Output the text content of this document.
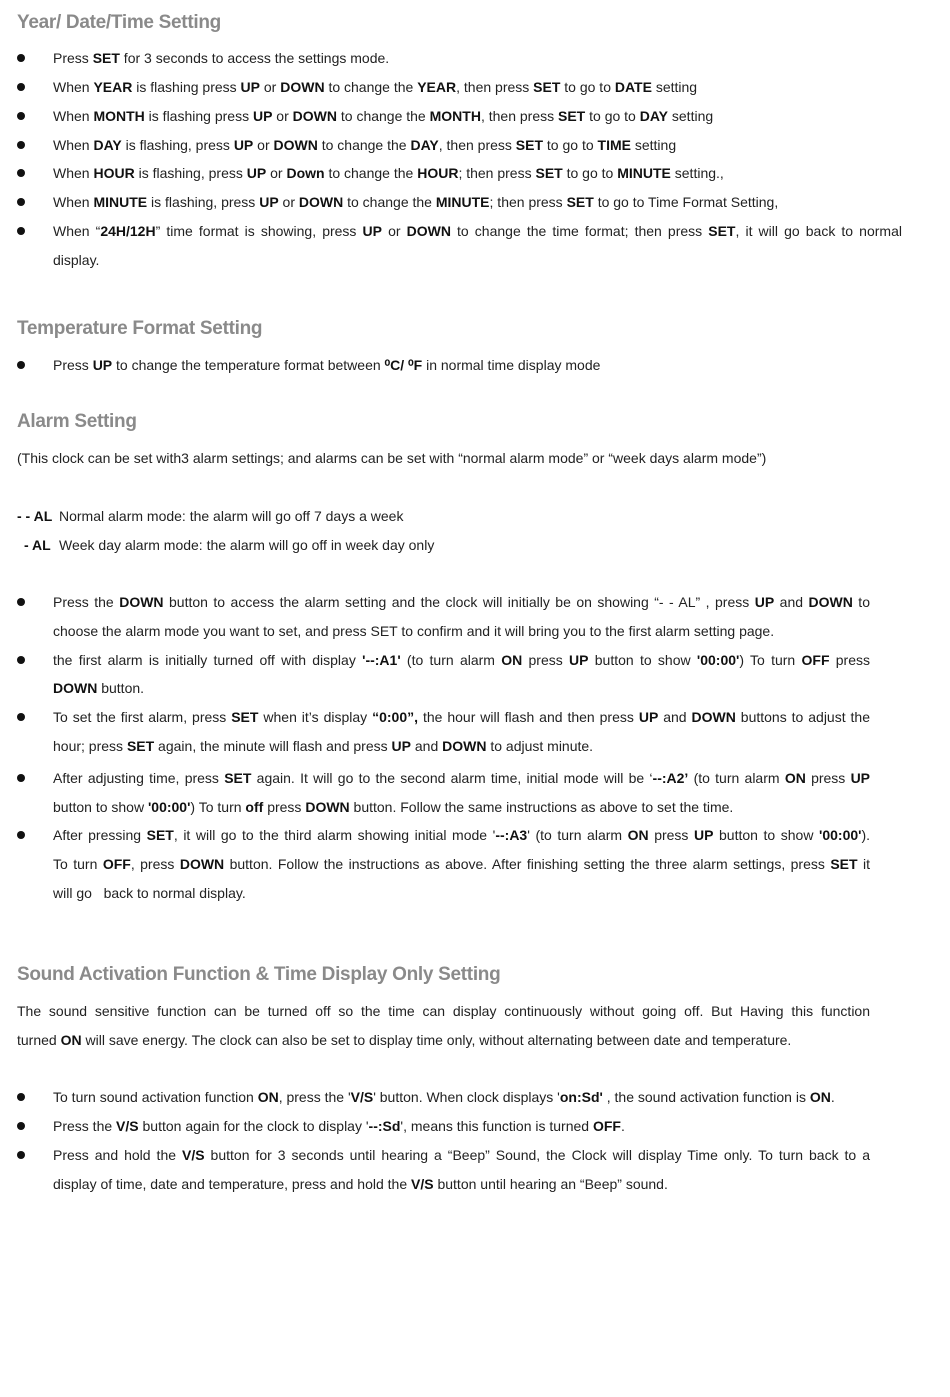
Year/ Date/Time Setting
Press SET for 3 seconds to access the settings mode.
When YEAR is flashing press UP or DOWN to change the YEAR, then press SET to go to DATE setting
When MONTH is flashing press UP or DOWN to change the MONTH, then press SET to go to DAY setting
When DAY is flashing, press UP or DOWN to change the DAY, then press SET to go to TIME setting
When HOUR is flashing, press UP or Down to change the HOUR; then press SET to go to MINUTE setting.,
When MINUTE is flashing, press UP or DOWN to change the MINUTE; then press SET to go to Time Format Setting,
When “24H/12H” time format is showing, press UP or DOWN to change the time format; then press SET, it will go back to normal
display.
Temperature Format Setting
Press UP to change the temperature format between ⁰C/ ⁰F in normal time display mode
Alarm Setting
(This clock can be set with3 alarm settings; and alarms can be set with “normal alarm mode” or “week days alarm mode”)
- - AL Normal alarm mode: the alarm will go off 7 days a week
- AL Week day alarm mode: the alarm will go off in week day only
Press the DOWN button to access the alarm setting and the clock will initially be on showing “- - AL” , press UP and DOWN to
choose the alarm mode you want to set, and press SET to confirm and it will bring you to the first alarm setting page.
the first alarm is initially turned off with display '--:A1' (to turn alarm ON press UP button to show '00:00') To turn OFF press
DOWN button.
To set the first alarm, press SET when it’s display “0:00”, the hour will flash and then press UP and DOWN buttons to adjust the
hour; press SET again, the minute will flash and press UP and DOWN to adjust minute.
After adjusting time, press SET again. It will go to the second alarm time, initial mode will be ‘--:A2’ (to turn alarm ON press UP
button to show '00:00') To turn off press DOWN button. Follow the same instructions as above to set the time.
After pressing SET, it will go to the third alarm showing initial mode '--:A3' (to turn alarm ON press UP button to show '00:00').
To turn OFF, press DOWN button. Follow the instructions as above. After finishing setting the three alarm settings, press SET it
will go   back to normal display.
Sound Activation Function & Time Display Only Setting
The sound sensitive function can be turned off so the time can display continuously without going off. But Having this function
turned ON will save energy. The clock can also be set to display time only, without alternating between date and temperature.
To turn sound activation function ON, press the 'V/S' button. When clock displays 'on:Sd' , the sound activation function is ON.
Press the V/S button again for the clock to display '--:Sd', means this function is turned OFF.
Press and hold the V/S button for 3 seconds until hearing a “Beep” Sound, the Clock will display Time only. To turn back to a
display of time, date and temperature, press and hold the V/S button until hearing an “Beep” sound.
